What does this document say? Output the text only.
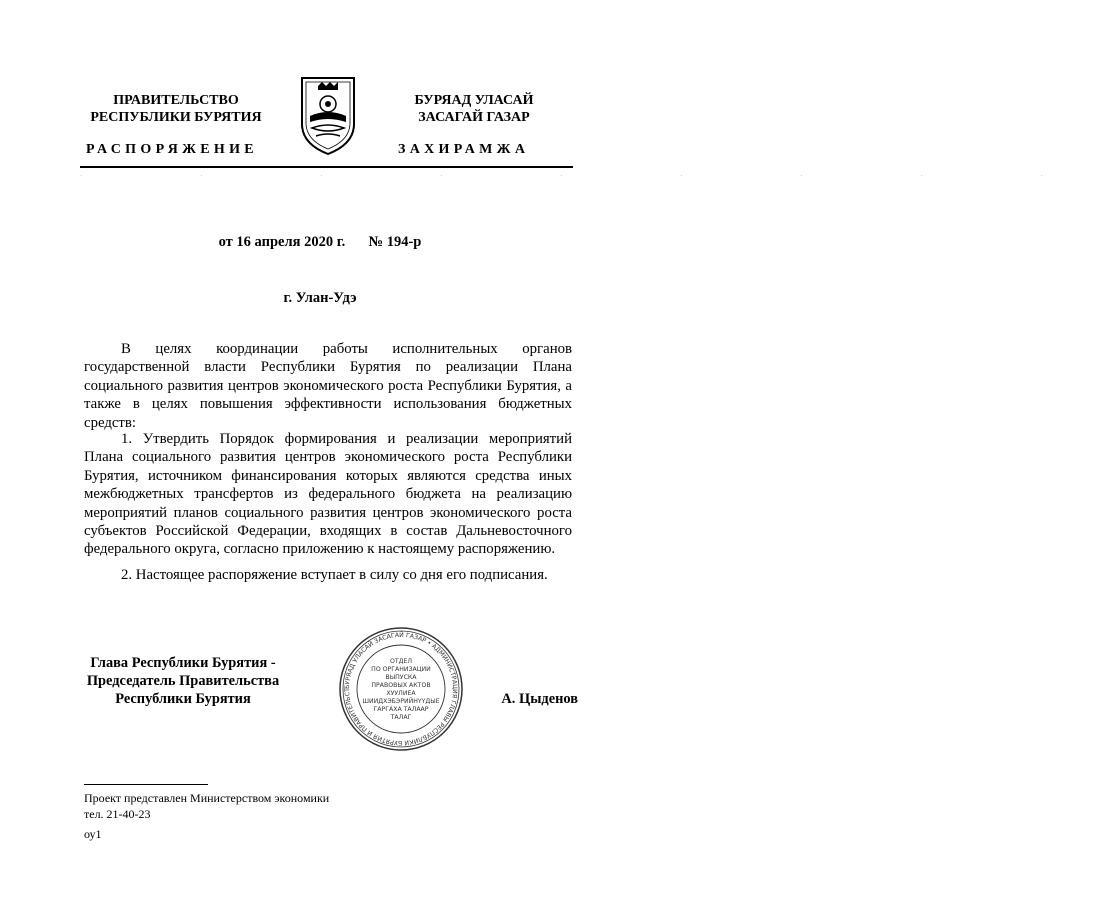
ПРАВИТЕЛЬСТВО
РЕСПУБЛИКИ БУРЯТИЯ
БУРЯАД УЛАСАЙ
ЗАСАГАЙ ГАЗАР
РАСПОРЯЖЕНИЕ	ЗАХИРАМЖА
· · · · · · · · ·
от 16 апреля 2020 г. № 194-р
г. Улан-Удэ

В целях координации работы исполнительных органов государственной власти Республики Бурятия по реализации Плана социального развития центров экономического роста Республики Бурятия, а также в целях повышения эффективности использования бюджетных средств:

1. Утвердить Порядок формирования и реализации мероприятий Плана социального развития центров экономического роста Республики Бурятия, источником финансирования которых являются средства иных межбюджетных трансфертов из федерального бюджета на реализацию мероприятий планов социального развития центров экономического роста субъектов Российской Федерации, входящих в состав Дальневосточного федерального округа, согласно приложению к настоящему распоряжению.

2. Настоящее распоряжение вступает в силу со дня его подписания.

Глава Республики Бурятия -
Председатель Правительства
Республики Бурятия	А. Цыденов
БУРЯАД УЛАСАЙ ЗАСАГАЙ ГАЗАР • АДМИНИСТРАЦИЯ ГЛАВЫ РЕСПУБЛИКИ БУРЯТИЯ И ПРАВИТЕЛЬСТ
ОТДЕЛ
ПО ОРГАНИЗАЦИИ
ВЫПУСКА
ПРАВОВЫХ АКТОВ
ХУУЛИЕА
ШИИДХЭБЭРИЙНҮҮДЫЕ
ГАРГАХА ТАЛААР
ТАЛАГ
Проект представлен Министерством экономики
тел. 21-40-23
оу1
